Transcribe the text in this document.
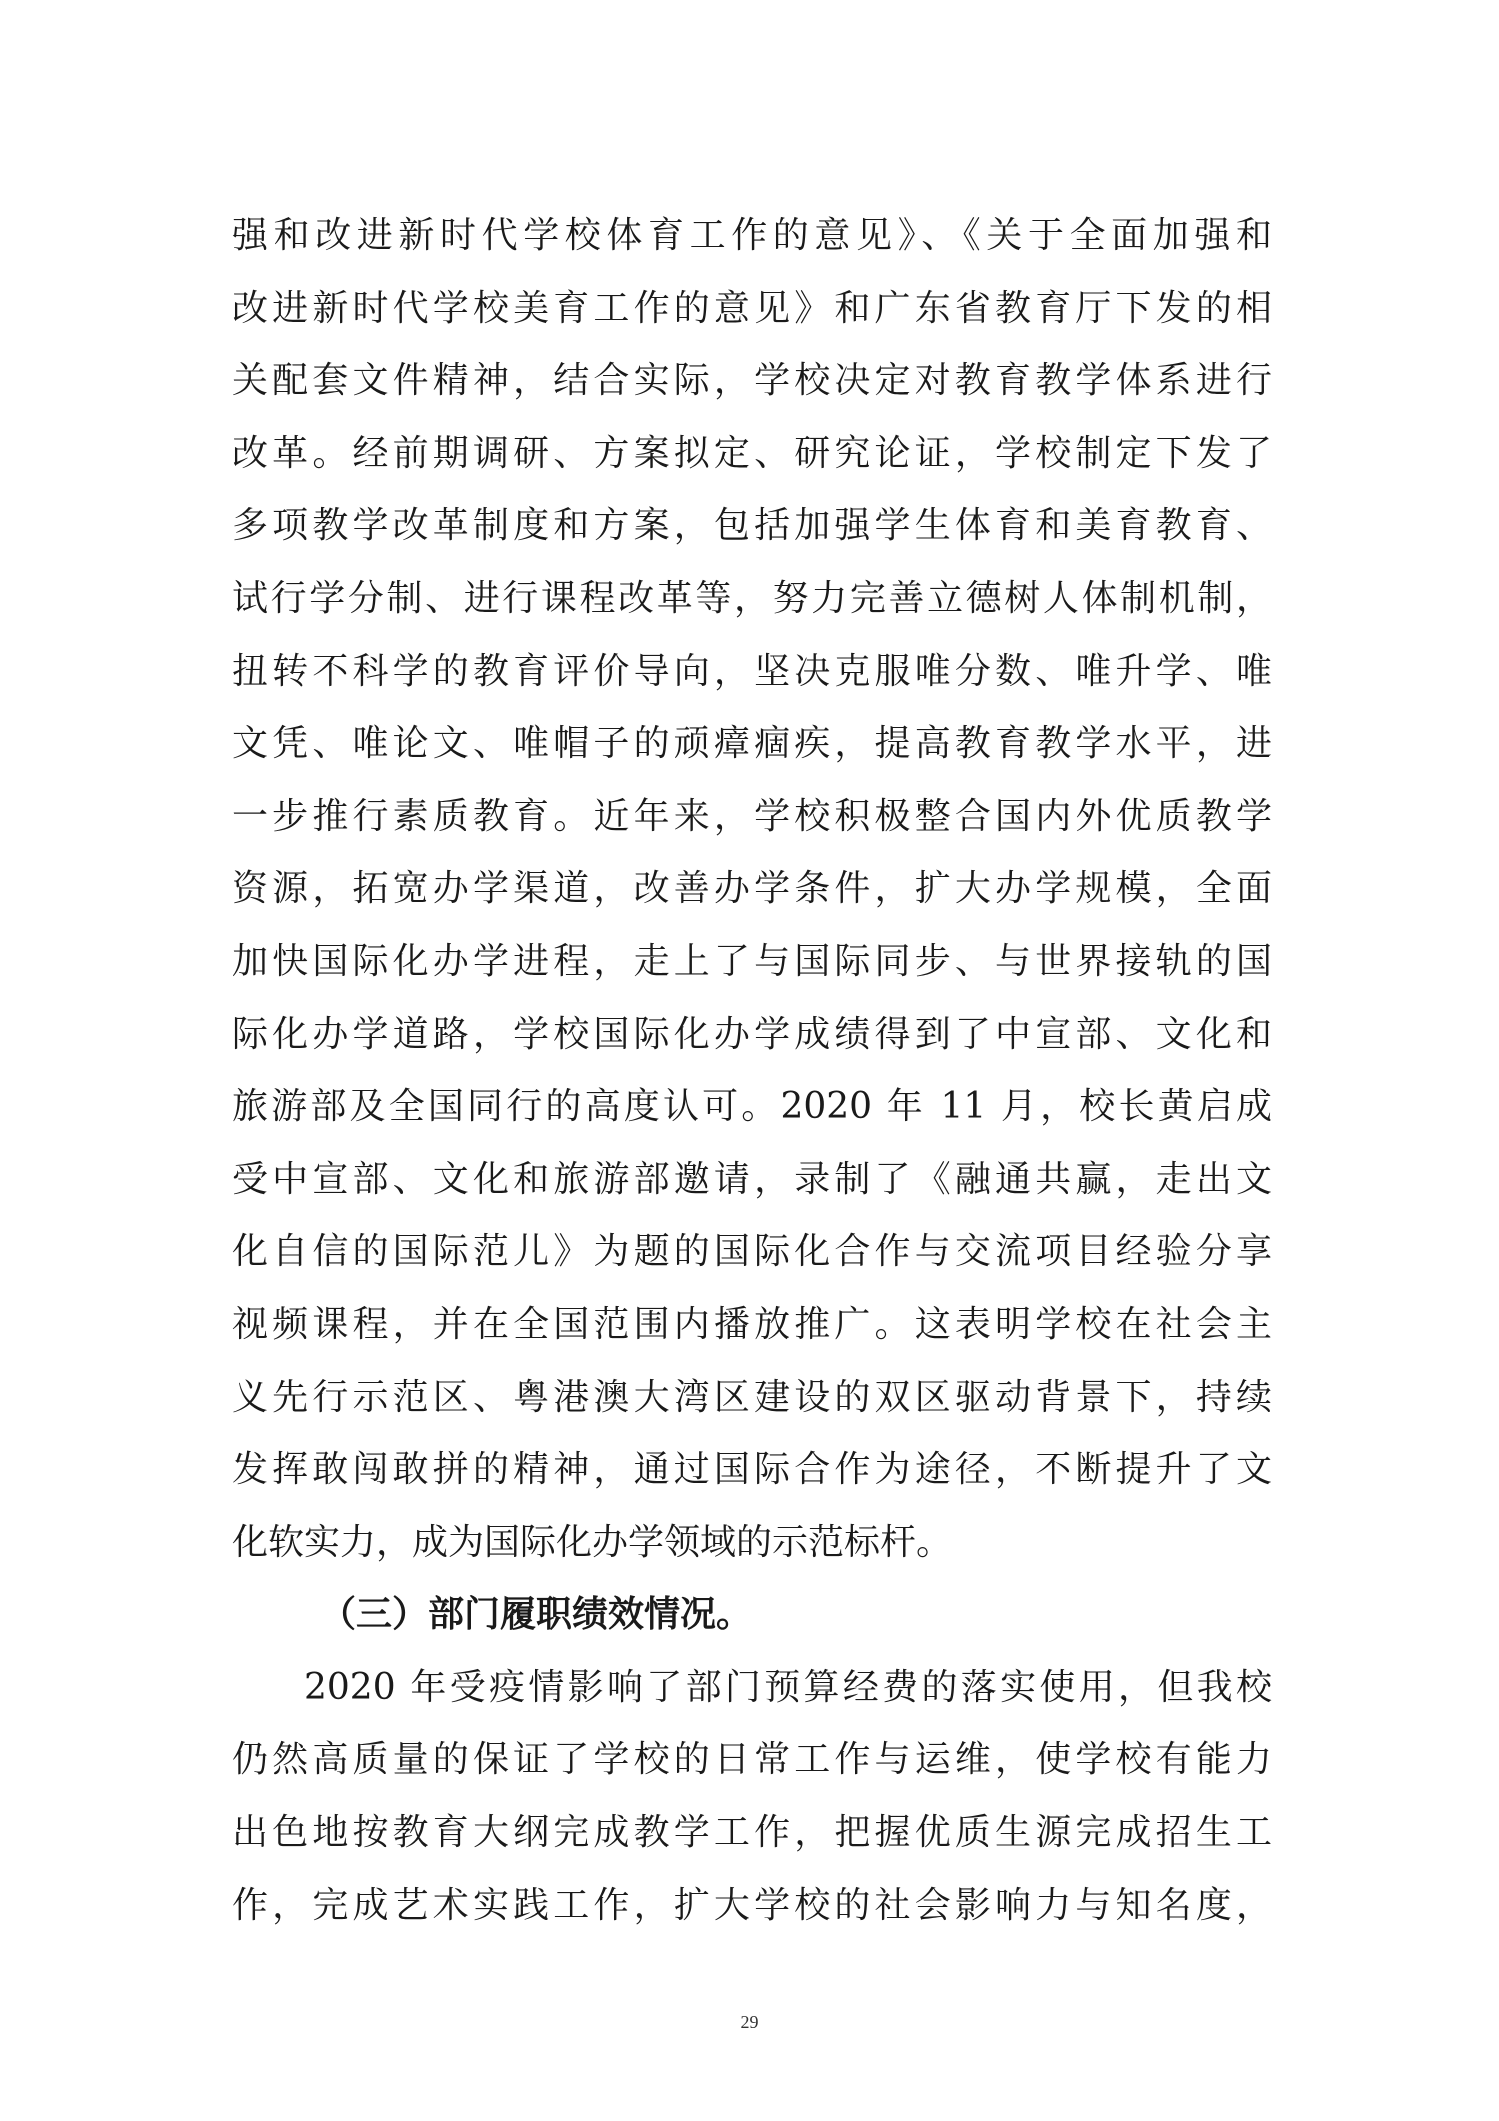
强和改进新时代学校体育工作的意见》、《关于全面加强和
改进新时代学校美育工作的意见》和广东省教育厅下发的相
关配套文件精神，结合实际，学校决定对教育教学体系进行
改革。经前期调研、方案拟定、研究论证，学校制定下发了
多项教学改革制度和方案，包括加强学生体育和美育教育、
试行学分制、进行课程改革等，努力完善立德树人体制机制，
扭转不科学的教育评价导向，坚决克服唯分数、唯升学、唯
文凭、唯论文、唯帽子的顽瘴痼疾，提高教育教学水平，进
一步推行素质教育。近年来，学校积极整合国内外优质教学
资源，拓宽办学渠道，改善办学条件，扩大办学规模，全面
加快国际化办学进程，走上了与国际同步、与世界接轨的国
际化办学道路，学校国际化办学成绩得到了中宣部、文化和
旅游部及全国同行的高度认可。2020 年 11 月，校长黄启成
受中宣部、文化和旅游部邀请，录制了《融通共赢，走出文
化自信的国际范儿》为题的国际化合作与交流项目经验分享
视频课程，并在全国范围内播放推广。这表明学校在社会主
义先行示范区、粤港澳大湾区建设的双区驱动背景下，持续
发挥敢闯敢拼的精神，通过国际合作为途径，不断提升了文
化软实力，成为国际化办学领域的示范标杆。
（三）部门履职绩效情况。
2020 年受疫情影响了部门预算经费的落实使用，但我校
仍然高质量的保证了学校的日常工作与运维，使学校有能力
出色地按教育大纲完成教学工作，把握优质生源完成招生工
作，完成艺术实践工作，扩大学校的社会影响力与知名度，
29
